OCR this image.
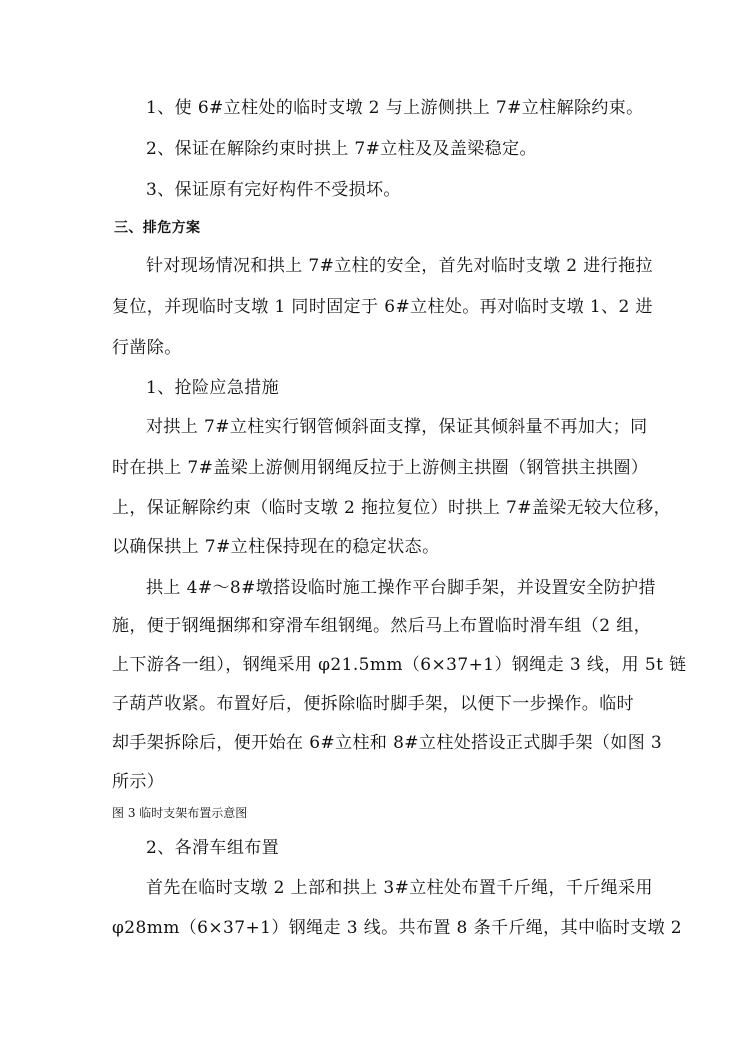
1、使 6#立柱处的临时支墩 2 与上游侧拱上 7#立柱解除约束。
2、保证在解除约束时拱上 7#立柱及及盖梁稳定。
3、保证原有完好构件不受损坏。
三、排危方案
针对现场情况和拱上 7#立柱的安全，首先对临时支墩 2 进行拖拉
复位，并现临时支墩 1 同时固定于 6#立柱处。再对临时支墩 1、2 进
行凿除。
1、抢险应急措施
对拱上 7#立柱实行钢管倾斜面支撑，保证其倾斜量不再加大；同
时在拱上 7#盖梁上游侧用钢绳反拉于上游侧主拱圈（钢管拱主拱圈）
上，保证解除约束（临时支墩 2 拖拉复位）时拱上 7#盖梁无较大位移，
以确保拱上 7#立柱保持现在的稳定状态。
拱上 4#～8#墩搭设临时施工操作平台脚手架，并设置安全防护措
施，便于钢绳捆绑和穿滑车组钢绳。然后马上布置临时滑车组（2 组，
上下游各一组），钢绳采用 φ21.5mm（6×37+1）钢绳走 3 线，用 5t 链
子葫芦收紧。布置好后，便拆除临时脚手架，以便下一步操作。临时
却手架拆除后，便开始在 6#立柱和 8#立柱处搭设正式脚手架（如图 3
所示）
图 3 临时支架布置示意图
2、各滑车组布置
首先在临时支墩 2 上部和拱上 3#立柱处布置千斤绳，千斤绳采用
φ28mm（6×37+1）钢绳走 3 线。共布置 8 条千斤绳，其中临时支墩 2
